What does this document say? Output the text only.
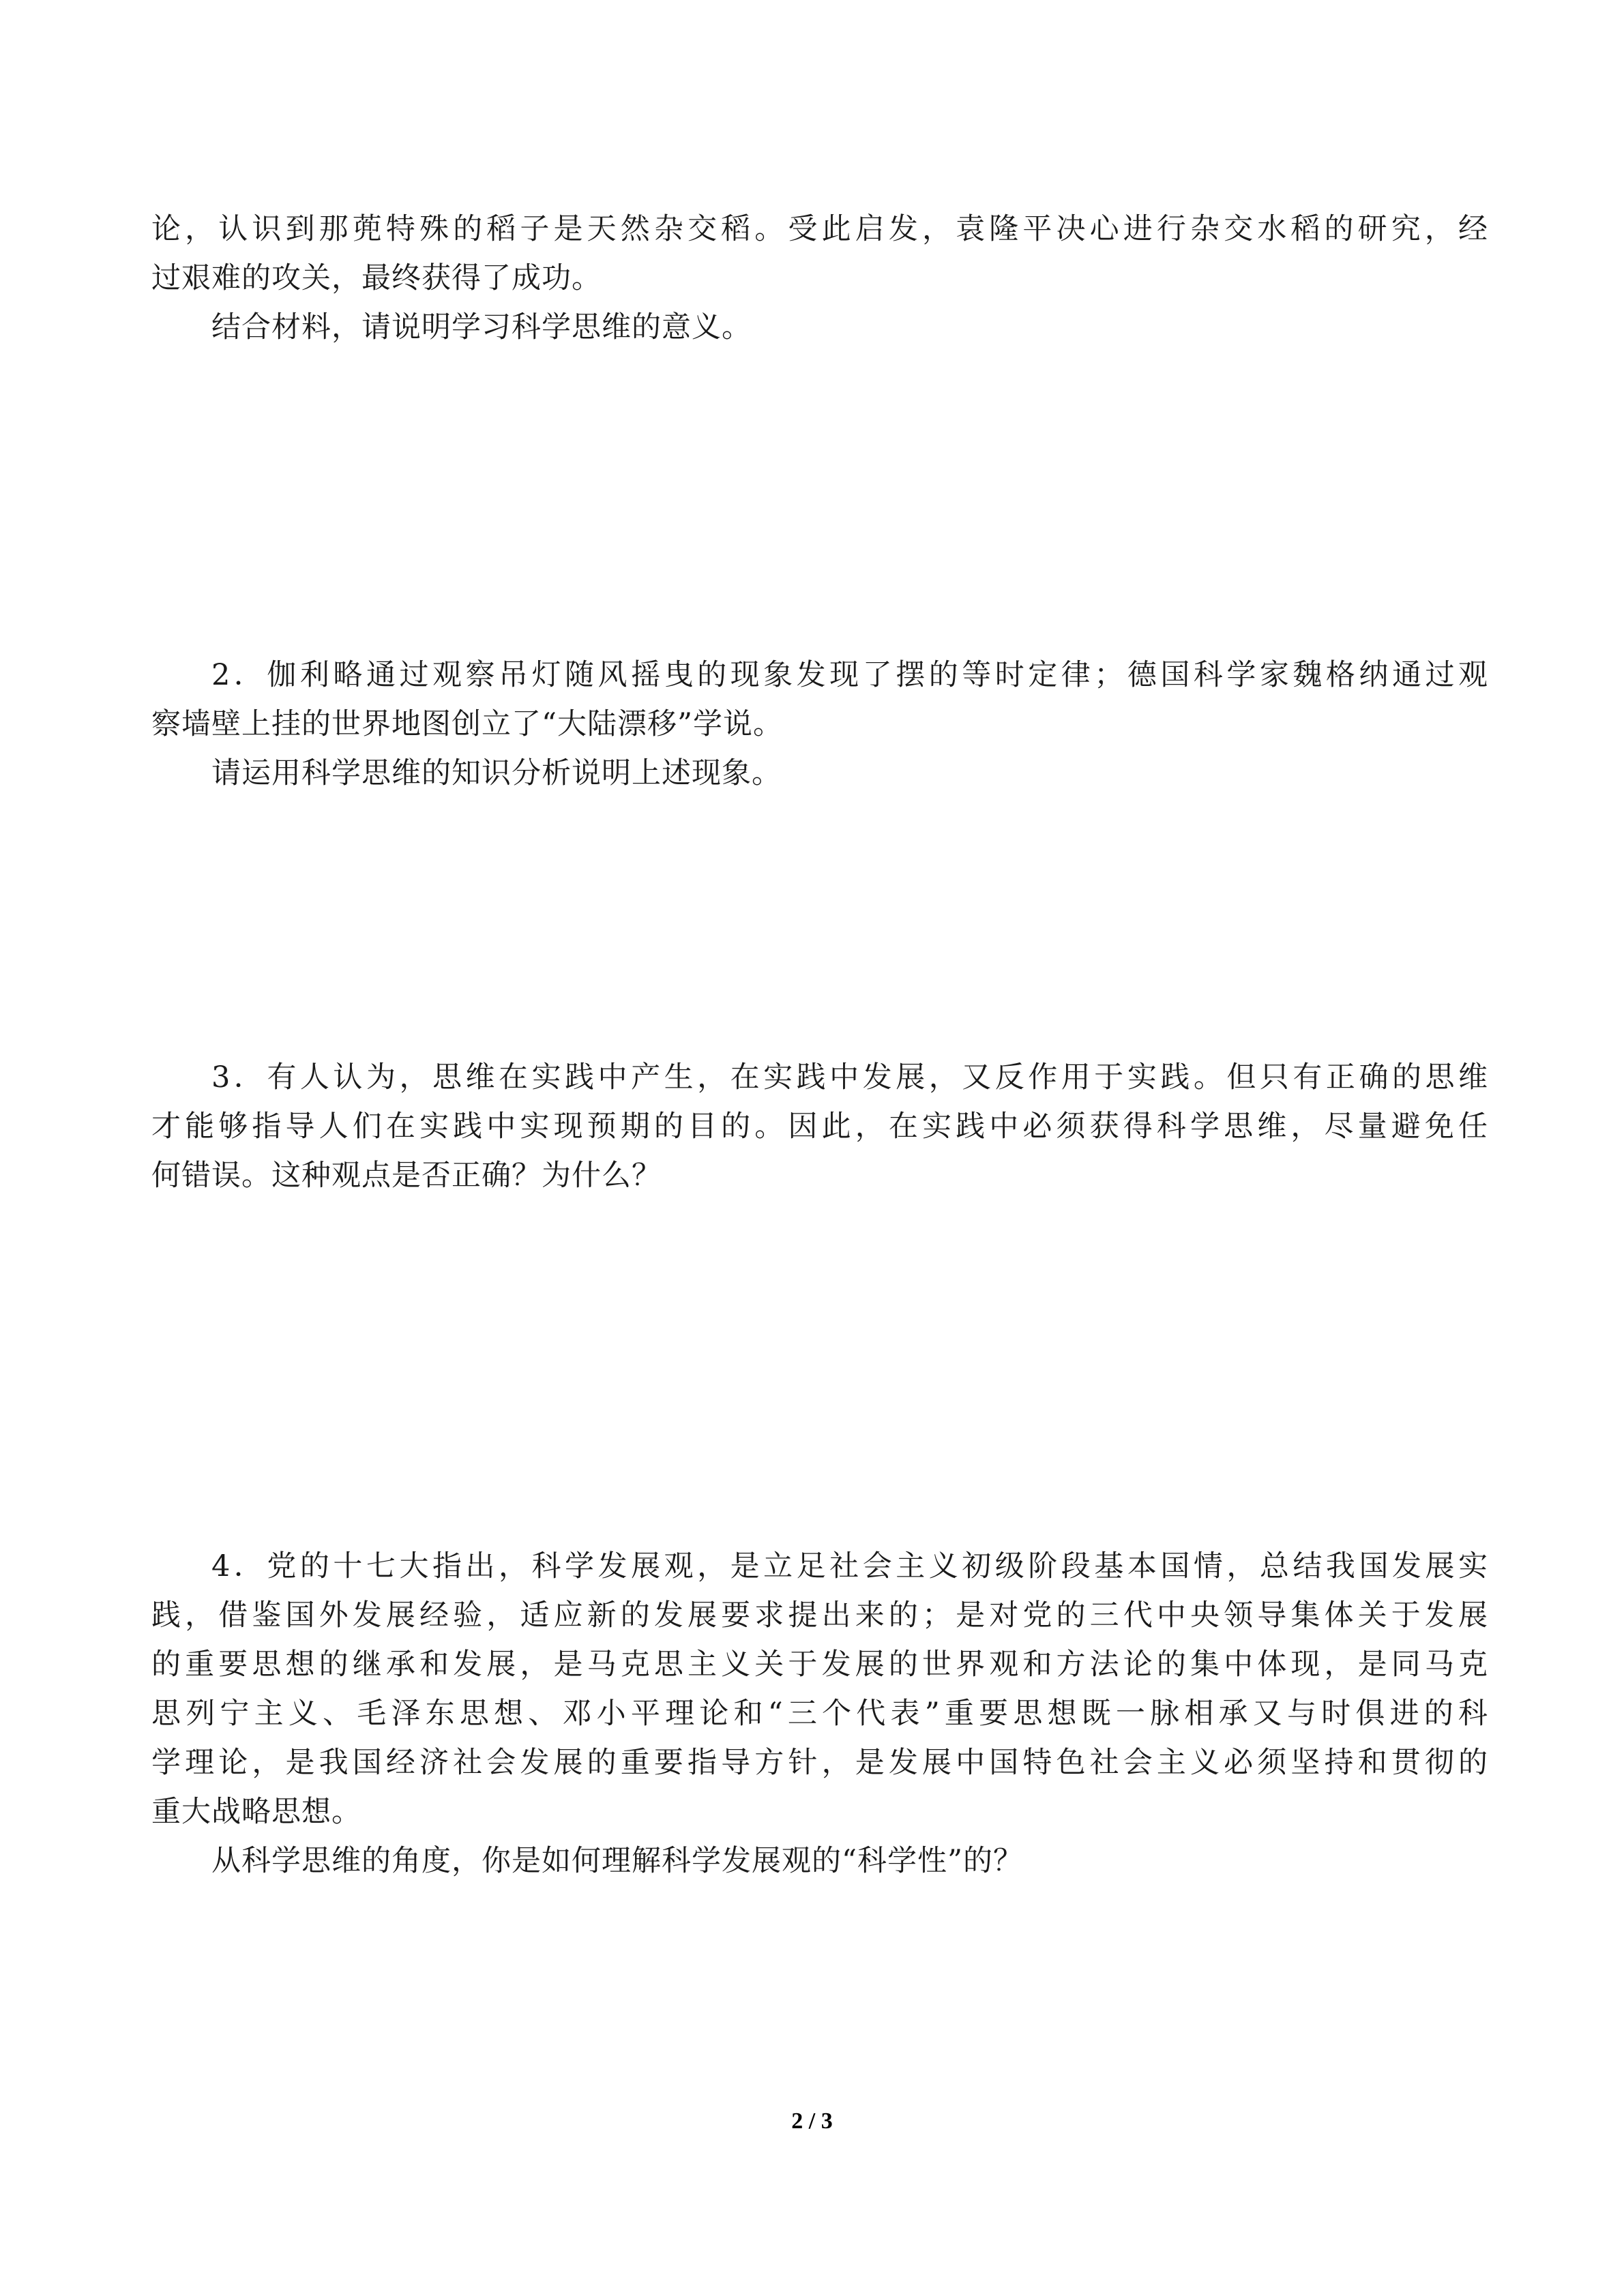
论，认识到那蔸特殊的稻子是天然杂交稻。受此启发，袁隆平决心进行杂交水稻的研究，经

过艰难的攻关，最终获得了成功。

结合材料，请说明学习科学思维的意义。

2．伽利略通过观察吊灯随风摇曳的现象发现了摆的等时定律；德国科学家魏格纳通过观

察墙壁上挂的世界地图创立了“大陆漂移”学说。

请运用科学思维的知识分析说明上述现象。

3．有人认为，思维在实践中产生，在实践中发展，又反作用于实践。但只有正确的思维

才能够指导人们在实践中实现预期的目的。因此，在实践中必须获得科学思维，尽量避免任

何错误。这种观点是否正确？为什么？

4．党的十七大指出，科学发展观，是立足社会主义初级阶段基本国情，总结我国发展实

践，借鉴国外发展经验，适应新的发展要求提出来的；是对党的三代中央领导集体关于发展

的重要思想的继承和发展，是马克思主义关于发展的世界观和方法论的集中体现，是同马克

思列宁主义、毛泽东思想、邓小平理论和“三个代表”重要思想既一脉相承又与时俱进的科

学理论，是我国经济社会发展的重要指导方针，是发展中国特色社会主义必须坚持和贯彻的

重大战略思想。

从科学思维的角度，你是如何理解科学发展观的“科学性”的？

2 / 3
